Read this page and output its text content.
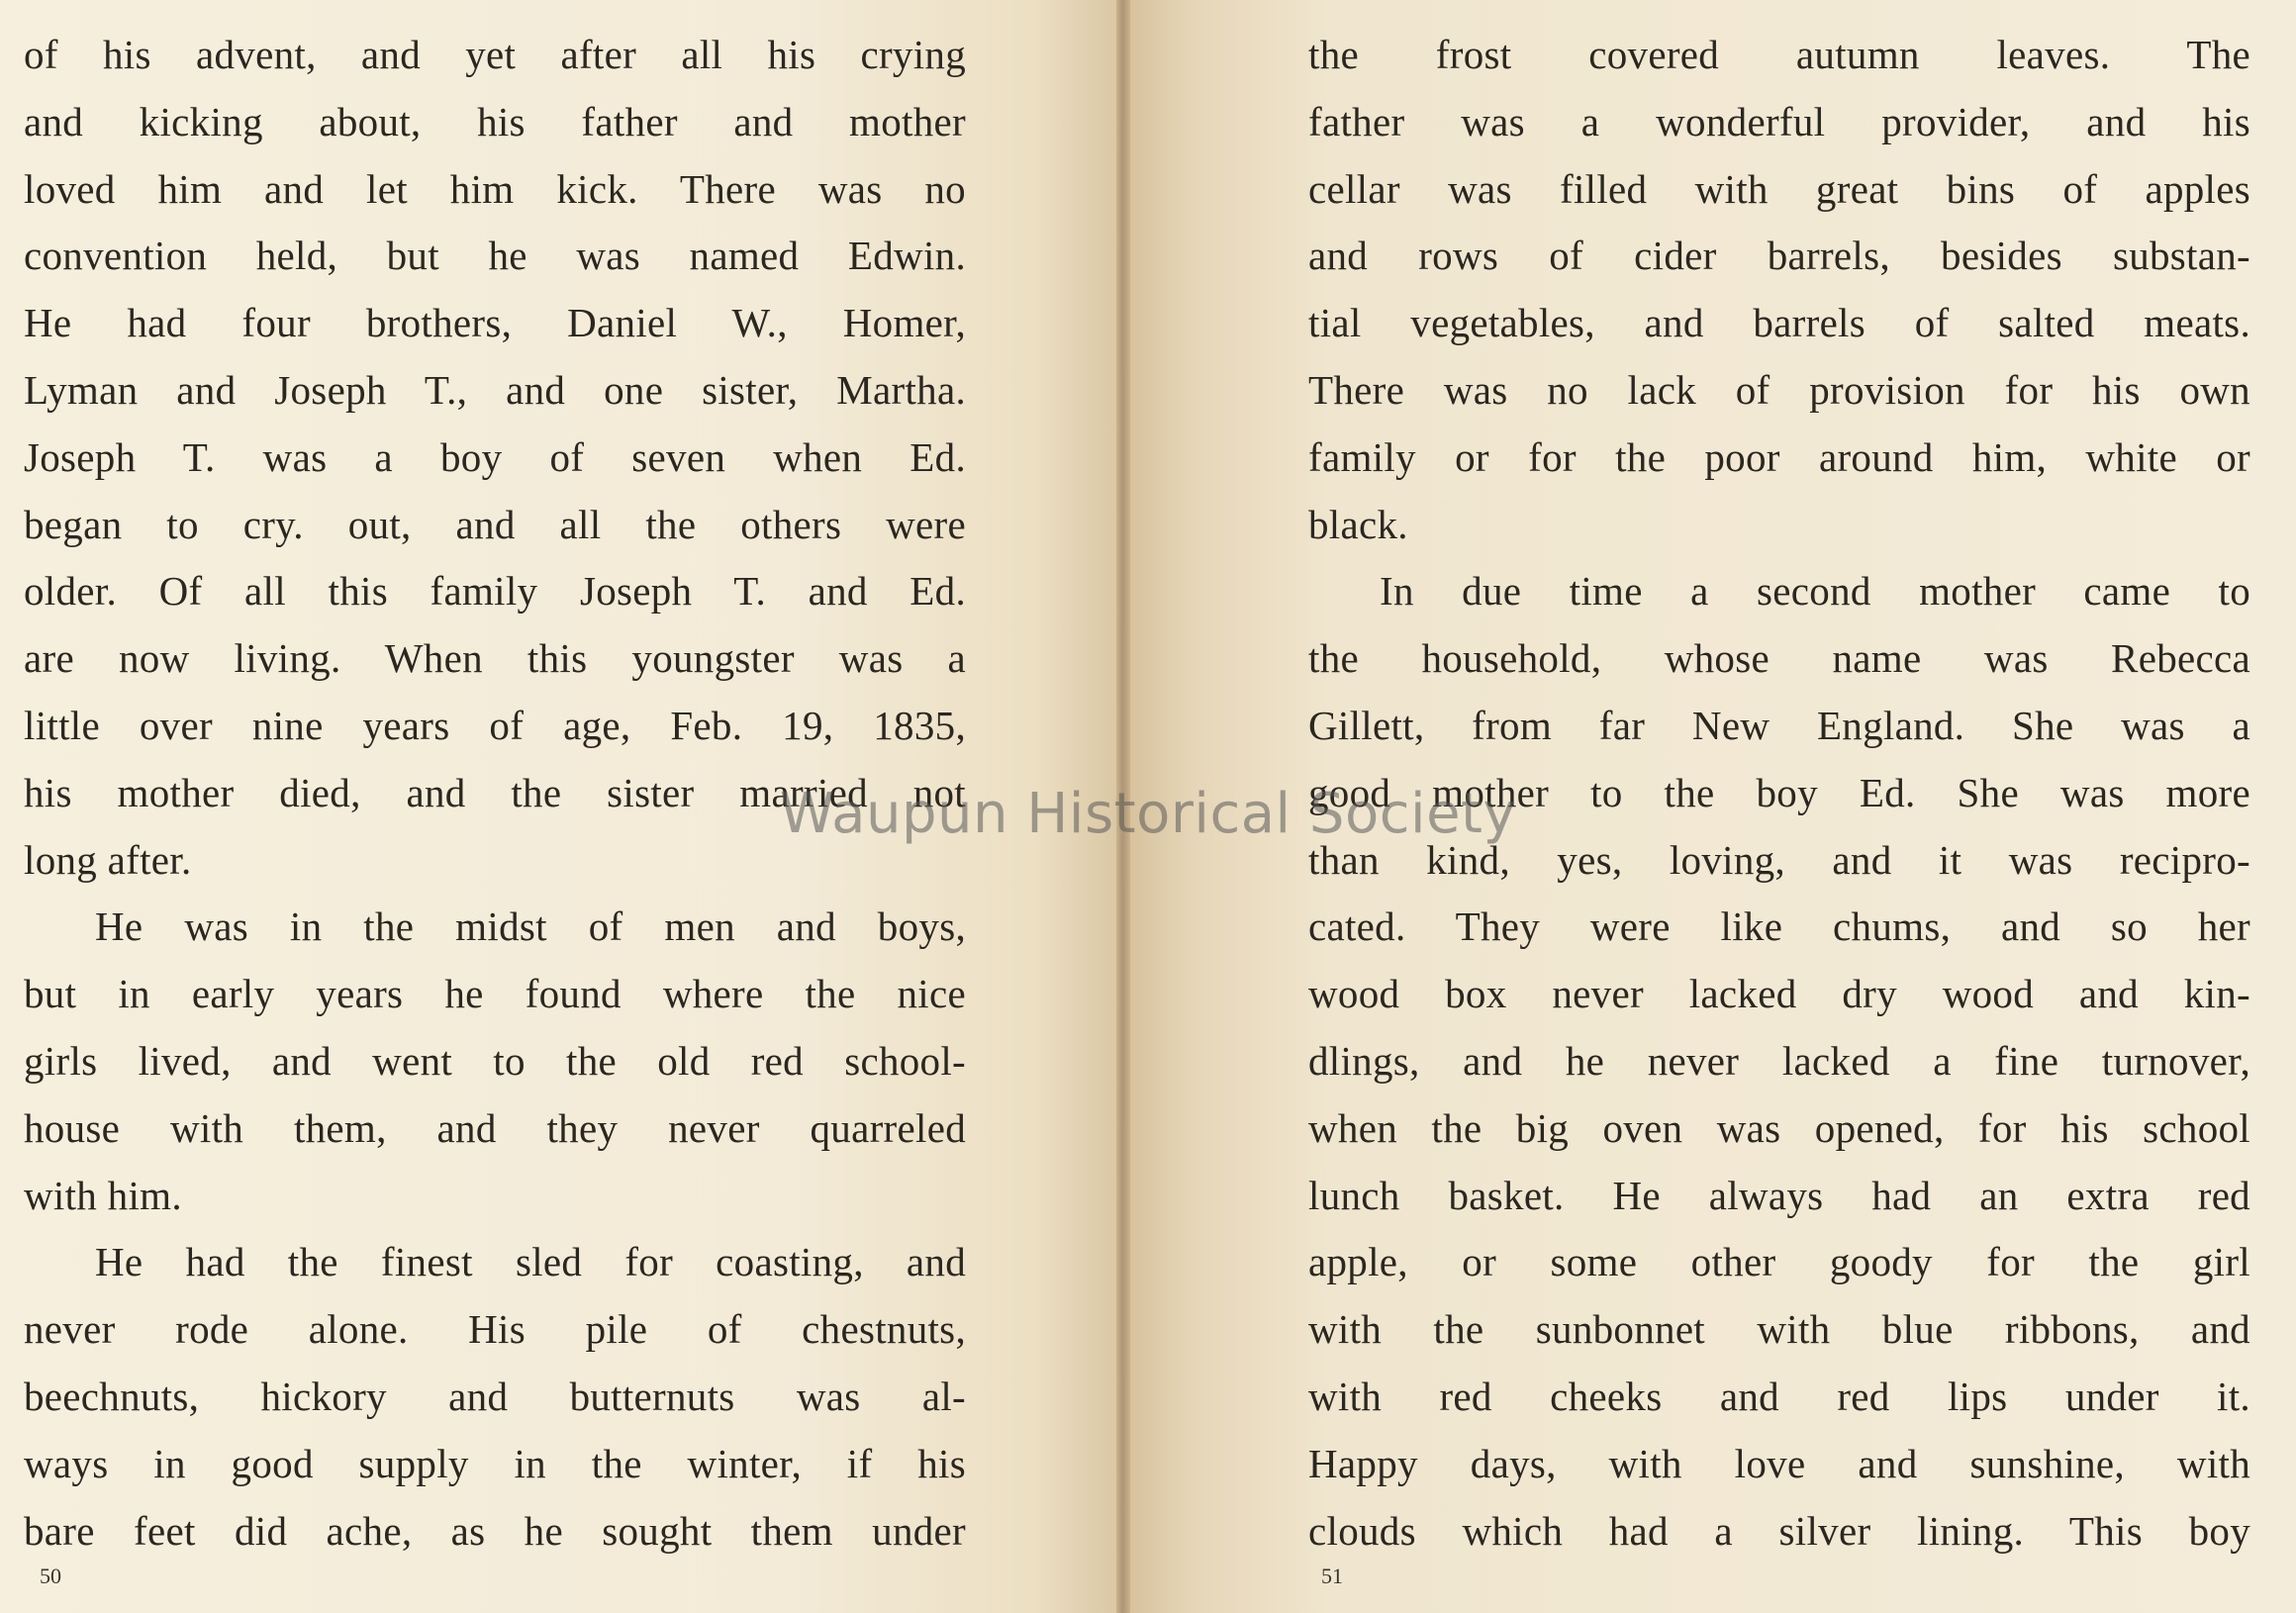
of his advent, and yet after all his crying
and kicking about, his father and mother
loved him and let him kick. There was no
convention held, but he was named Edwin.
He had four brothers, Daniel W., Homer,
Lyman and Joseph T., and one sister, Martha.
Joseph T. was a boy of seven when Ed.
began to cry. out, and all the others were
older. Of all this family Joseph T. and Ed.
are now living. When this youngster was a
little over nine years of age, Feb. 19, 1835,
his mother died, and the sister married not
long after.
He was in the midst of men and boys,
but in early years he found where the nice
girls lived, and went to the old red school-
house with them, and they never quarreled
with him.
He had the finest sled for coasting, and
never rode alone. His pile of chestnuts,
beechnuts, hickory and butternuts was al-
ways in good supply in the winter, if his
bare feet did ache, as he sought them under
50
the frost covered autumn leaves. The
father was a wonderful provider, and his
cellar was filled with great bins of apples
and rows of cider barrels, besides substan-
tial vegetables, and barrels of salted meats.
There was no lack of provision for his own
family or for the poor around him, white or
black.
In due time a second mother came to
the household, whose name was Rebecca
Gillett, from far New England. She was a
good mother to the boy Ed. She was more
than kind, yes, loving, and it was recipro-
cated. They were like chums, and so her
wood box never lacked dry wood and kin-
dlings, and he never lacked a fine turnover,
when the big oven was opened, for his school
lunch basket. He always had an extra red
apple, or some other goody for the girl
with the sunbonnet with blue ribbons, and
with red cheeks and red lips under it.
Happy days, with love and sunshine, with
clouds which had a silver lining. This boy
51
Waupun Historical Society
